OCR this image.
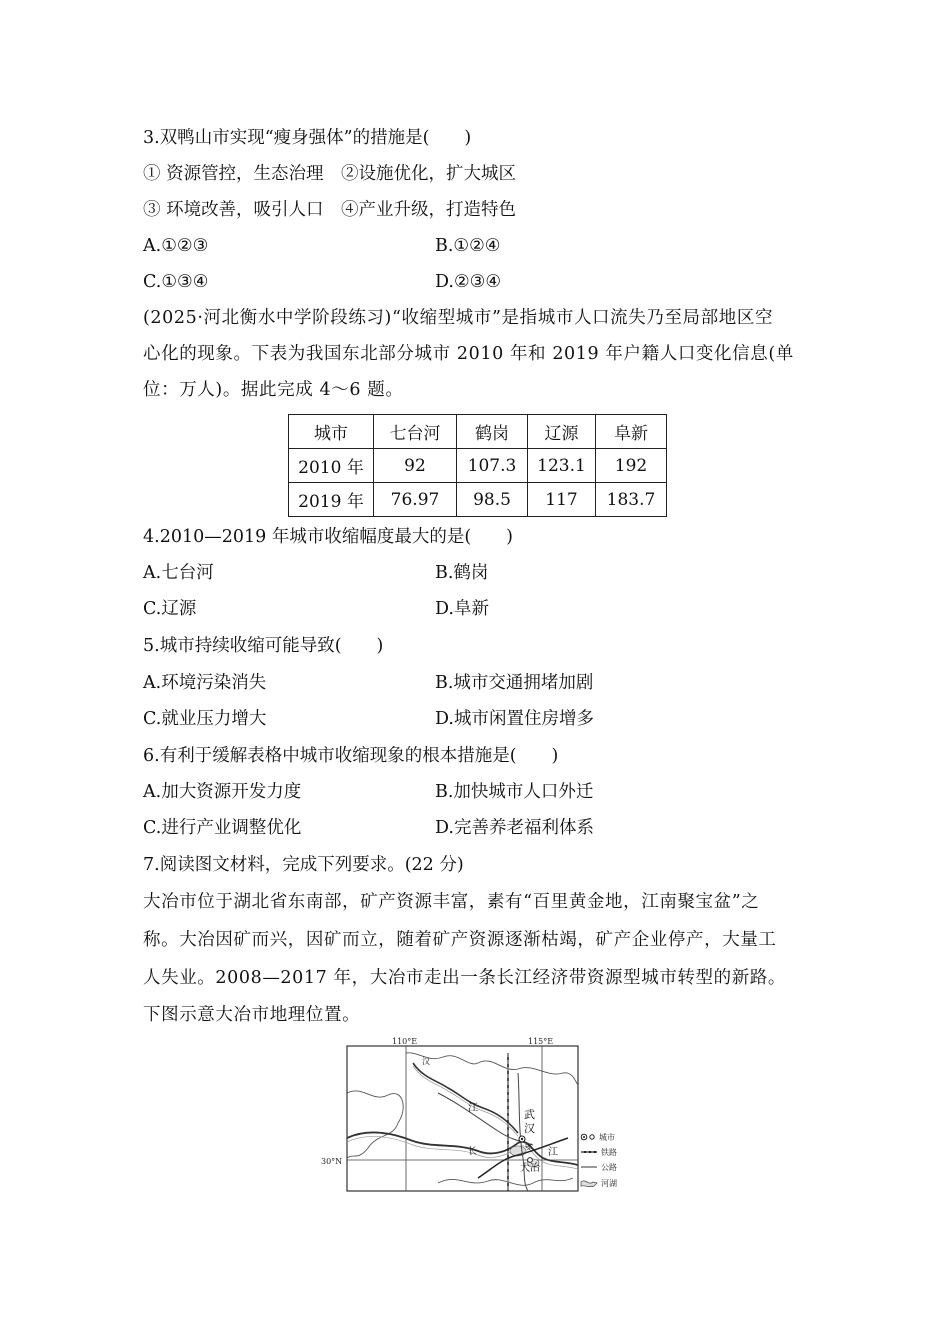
3.双鸭山市实现“瘦身强体”的措施是(　　)
① 资源管控，生态治理　②设施优化，扩大城区
③ 环境改善，吸引人口　④产业升级，打造特色
A.①②③	B.①②④
C.①③④	D.②③④
(2025·河北衡水中学阶段练习)“收缩型城市”是指城市人口流失乃至局部地区空
心化的现象。下表为我国东北部分城市 2010 年和 2019 年户籍人口变化信息(单
位：万人)。据此完成 4～6 题。
城市	七台河	鹤岗	辽源	阜新
2010 年	92	107.3	123.1	192
2019 年	76.97	98.5	117	183.7
4.2010—2019 年城市收缩幅度最大的是(　　)
A.七台河	B.鹤岗
C.辽源	D.阜新
5.城市持续收缩可能导致(　　)
A.环境污染消失	B.城市交通拥堵加剧
C.就业压力增大	D.城市闲置住房增多
6.有利于缓解表格中城市收缩现象的根本措施是(　　)
A.加大资源开发力度	B.加快城市人口外迁
C.进行产业调整优化	D.完善养老福利体系
7.阅读图文材料，完成下列要求。(22 分)
大冶市位于湖北省东南部，矿产资源丰富，素有“百里黄金地，江南聚宝盆”之
称。大冶因矿而兴，因矿而立，随着矿产资源逐渐枯竭，矿产企业停产，大量工
人失业。2008—2017 年，大冶市走出一条长江经济带资源型城市转型的新路。
下图示意大冶市地理位置。
110°E	115°E
30°N
武
汉
江
长	江
大冶
汉
鄂
城市
铁路
公路
河湖
